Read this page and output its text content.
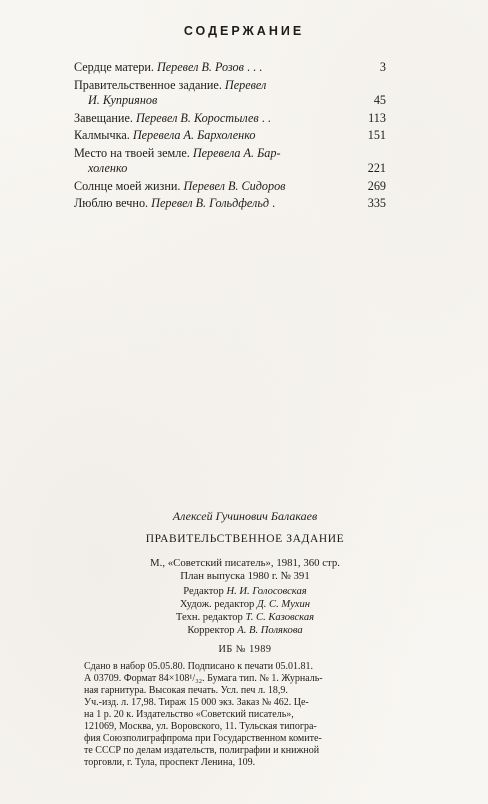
СОДЕРЖАНИЕ
Сердце матери. Перевел В. Розов . . .	3
Правительственное задание. Перевел
И. Куприянов	45
Завещание. Перевел В. Коростылев . .	113
Калмычка. Перевела А. Бархоленко	151
Место на твоей земле. Перевела А. Бар-
холенко	221
Солнце моей жизни. Перевел В. Сидоров	269
Люблю вечно. Перевел В. Гольдфельд .	335
Алексей Гучинович Балакаев
ПРАВИТЕЛЬСТВЕННОЕ ЗАДАНИЕ
М., «Советский писатель», 1981, 360 стр.
План выпуска 1980 г. № 391
Редактор Н. И. Голосовская
Худож. редактор Д. С. Мухин
Техн. редактор Т. С. Казовская
Корректор А. В. Полякова
ИБ № 1989
Сдано в набор 05.05.80. Подписано к печати 05.01.81.
А 03709. Формат 84×108¹/₃₂. Бумага тип. № 1. Журналь-
ная гарнитура. Высокая печать. Усл. печ л. 18,9.
Уч.-изд. л. 17,98. Тираж 15 000 экз. Заказ № 462. Це-
на 1 р. 20 к. Издательство «Советский писатель»,
121069, Москва, ул. Воровского, 11. Тульская типогра-
фия Союзполиграфпрома при Государственном комите-
те СССР по делам издательств, полиграфии и книжной
торговли, г. Тула, проспект Ленина, 109.
